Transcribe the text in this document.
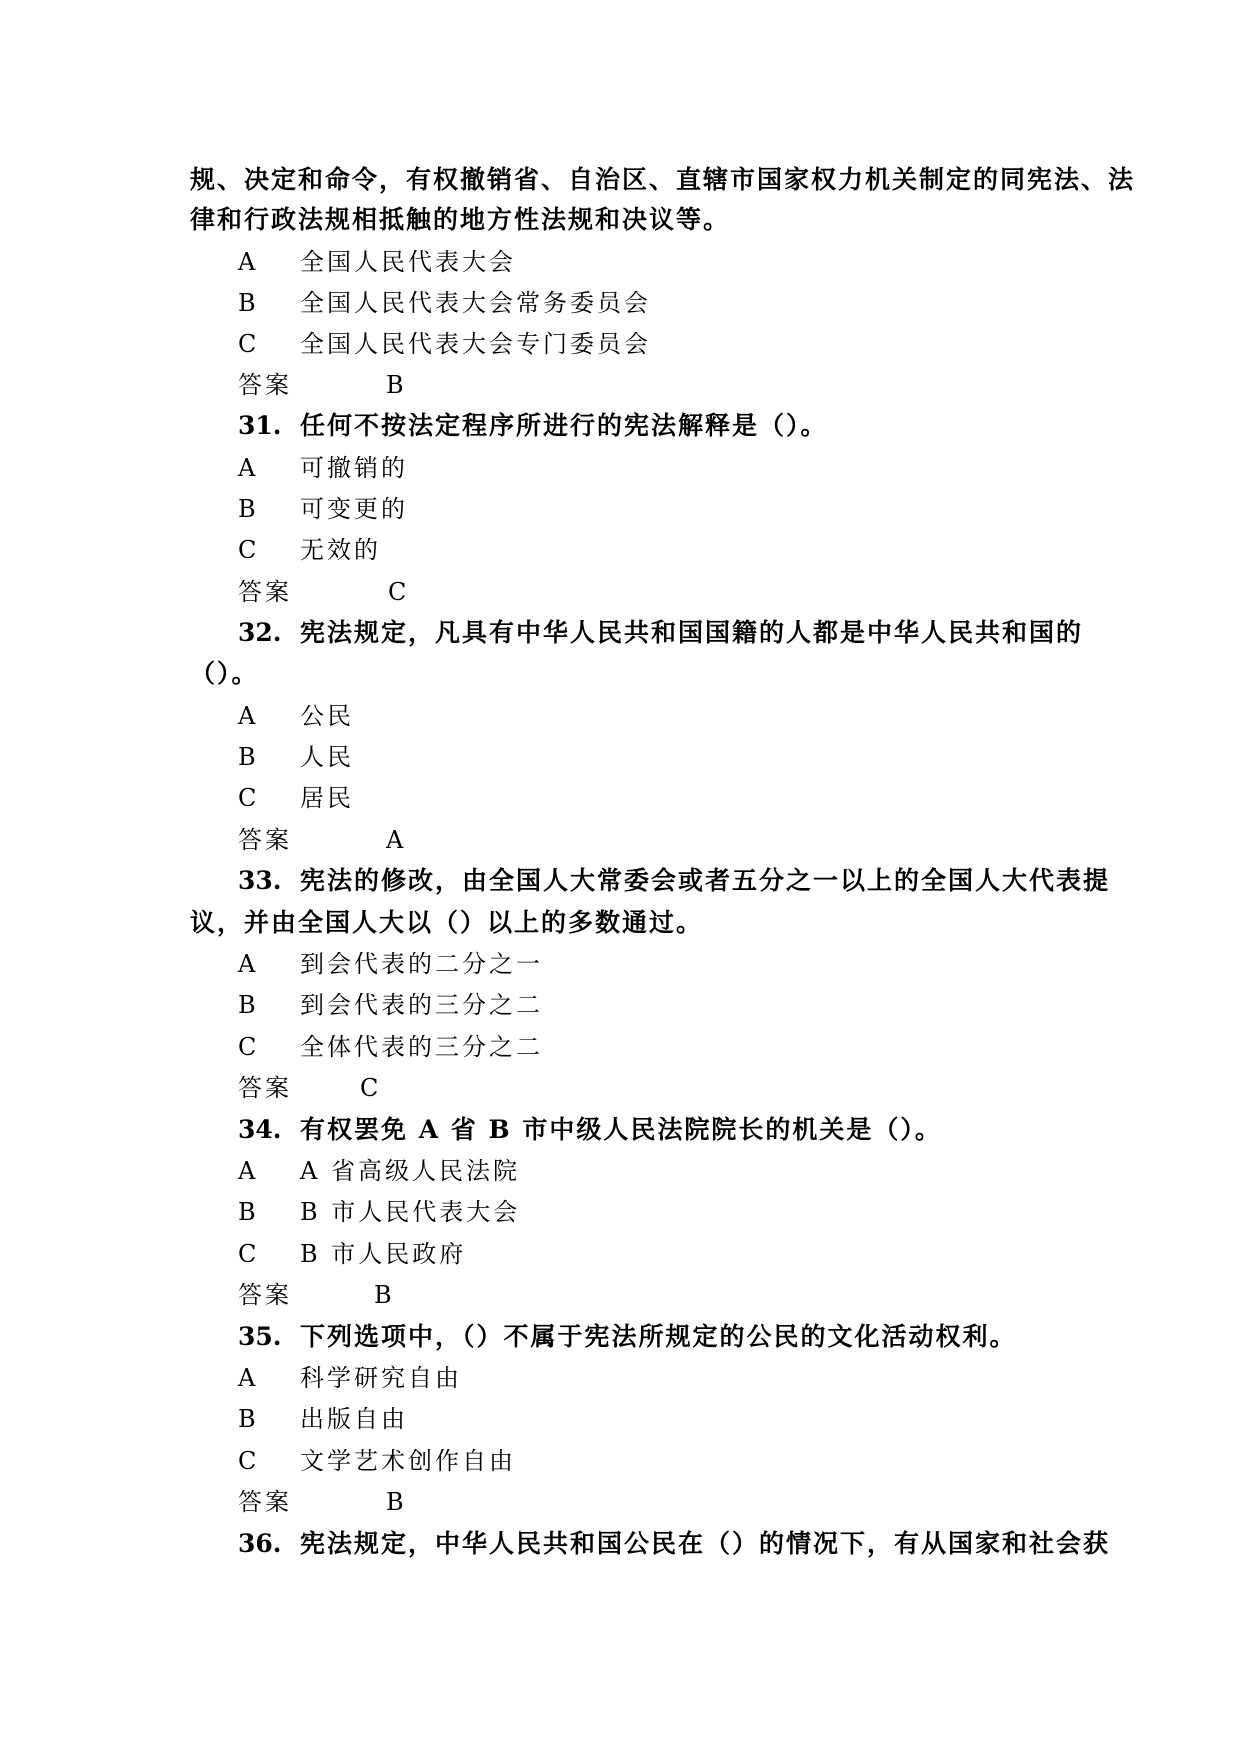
规、决定和命令，有权撤销省、自治区、直辖市国家权力机关制定的同宪法、法
律和行政法规相抵触的地方性法规和决议等。
A 全国人民代表大会
B 全国人民代表大会常务委员会
C 全国人民代表大会专门委员会
答案	B
31. 任何不按法定程序所进行的宪法解释是（）。
A 可撤销的
B 可变更的
C 无效的
答案	C
32. 宪法规定，凡具有中华人民共和国国籍的人都是中华人民共和国的
（）。
A 公民
B 人民
C 居民
答案	A
33. 宪法的修改，由全国人大常委会或者五分之一以上的全国人大代表提
议，并由全国人大以（）以上的多数通过。
A 到会代表的二分之一
B 到会代表的三分之二
C 全体代表的三分之二
答案	C
34. 有权罢免 A 省 B 市中级人民法院院长的机关是（）。
A A 省高级人民法院
B B 市人民代表大会
C B 市人民政府
答案	B
35. 下列选项中，（）不属于宪法所规定的公民的文化活动权利。
A 科学研究自由
B 出版自由
C 文学艺术创作自由
答案	B
36. 宪法规定，中华人民共和国公民在（）的情况下，有从国家和社会获
